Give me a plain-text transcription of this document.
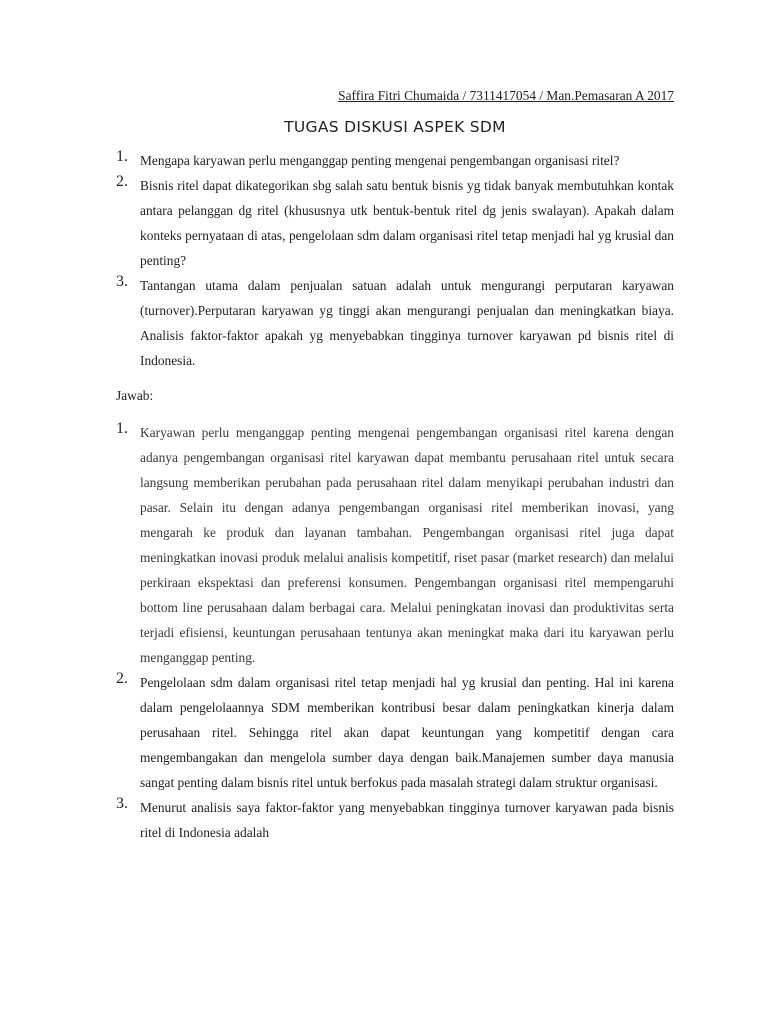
Saffira Fitri Chumaida / 7311417054 / Man.Pemasaran A 2017
TUGAS DISKUSI ASPEK SDM
1. Mengapa karyawan perlu menganggap penting mengenai pengembangan organisasi ritel?
2. Bisnis ritel dapat dikategorikan sbg salah satu bentuk bisnis yg tidak banyak membutuhkan kontak antara pelanggan dg ritel (khususnya utk bentuk-bentuk ritel dg jenis swalayan). Apakah dalam konteks pernyataan di atas, pengelolaan sdm dalam organisasi ritel tetap menjadi hal yg krusial dan penting?
3. Tantangan utama dalam penjualan satuan adalah untuk mengurangi perputaran karyawan (turnover).Perputaran karyawan yg tinggi akan mengurangi penjualan dan meningkatkan biaya. Analisis faktor-faktor apakah yg menyebabkan tingginya turnover karyawan pd bisnis ritel di Indonesia.
Jawab:
1. Karyawan perlu menganggap penting mengenai pengembangan organisasi ritel karena dengan adanya pengembangan organisasi ritel karyawan dapat membantu perusahaan ritel untuk secara langsung memberikan perubahan pada perusahaan ritel dalam menyikapi perubahan industri dan pasar. Selain itu dengan adanya pengembangan organisasi ritel memberikan inovasi, yang mengarah ke produk dan layanan tambahan. Pengembangan organisasi ritel juga dapat meningkatkan inovasi produk melalui analisis kompetitif, riset pasar (market research) dan melalui perkiraan ekspektasi dan preferensi konsumen. Pengembangan organisasi ritel mempengaruhi bottom line perusahaan dalam berbagai cara. Melalui peningkatan inovasi dan produktivitas serta terjadi efisiensi, keuntungan perusahaan tentunya akan meningkat maka dari itu karyawan perlu menganggap penting.
2. Pengelolaan sdm dalam organisasi ritel tetap menjadi hal yg krusial dan penting. Hal ini karena dalam pengelolaannya SDM memberikan kontribusi besar dalam peningkatkan kinerja dalam perusahaan ritel. Sehingga ritel akan dapat keuntungan yang kompetitif dengan cara mengembangakan dan mengelola sumber daya dengan baik.Manajemen sumber daya manusia sangat penting dalam bisnis ritel untuk berfokus pada masalah strategi dalam struktur organisasi.
3. Menurut analisis saya faktor-faktor yang menyebabkan tingginya turnover karyawan pada bisnis ritel di Indonesia adalah
